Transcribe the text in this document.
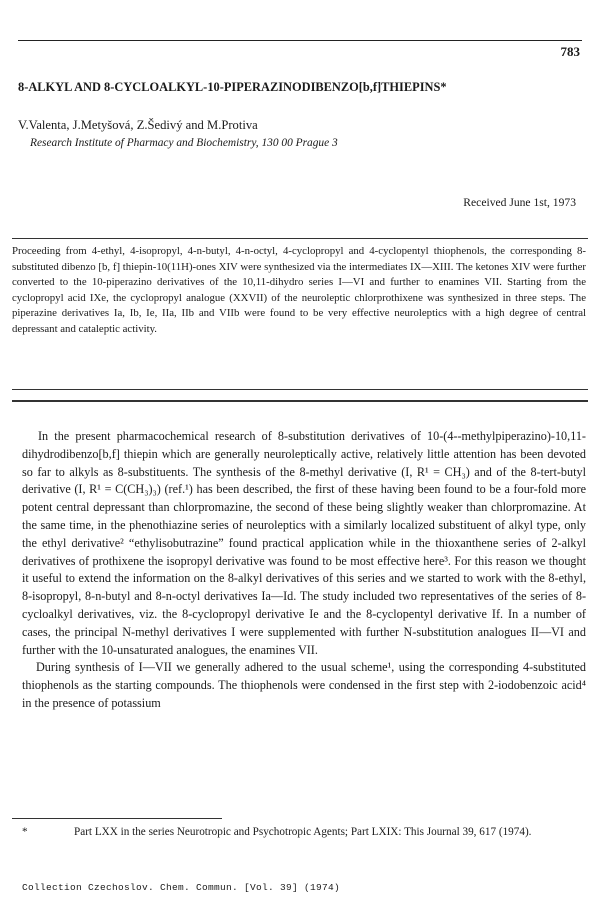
783
8-ALKYL AND 8-CYCLOALKYL-10-PIPERAZINODIBENZO[b,f]THIEPINS*
V.Valenta, J.Metyšová, Z.Šedivý and M.Protiva
Research Institute of Pharmacy and Biochemistry, 130 00 Prague 3
Received June 1st, 1973

Proceeding from 4-ethyl, 4-isopropyl, 4-n-butyl, 4-n-octyl, 4-cyclopropyl and 4-cyclopentyl thiophenols, the corresponding 8-substituted dibenzo [b, f] thiepin-10(11H)-ones XIV were synthesized via the intermediates IX—XIII. The ketones XIV were further converted to the 10-piperazino derivatives of the 10,11-dihydro series I—VI and further to enamines VII. Starting from the cyclopropyl acid IXe, the cyclopropyl analogue (XXVII) of the neuroleptic chlorprothixene was synthesized in three steps. The piperazine derivatives Ia, Ib, Ie, IIa, IIb and VIIb were found to be very effective neuroleptics with a high degree of central depressant and cataleptic activity.

In the present pharmacochemical research of 8-substitution derivatives of 10-(4--methylpiperazino)-10,11-dihydrodibenzo[b,f] thiepin which are generally neuroleptically active, relatively little attention has been devoted so far to alkyls as 8-substituents. The synthesis of the 8-methyl derivative (I, R¹ = CH₃) and of the 8-tert-butyl derivative (I, R¹ = C(CH₃)₃) (ref.¹) has been described, the first of these having been found to be a four-fold more potent central depressant than chlorpromazine, the second of these being slightly weaker than chlorpromazine. At the same time, in the phenothiazine series of neuroleptics with a similarly localized substituent of alkyl type, only the ethyl derivative² “ethylisobutrazine” found practical application while in the thioxanthene series of 2-alkyl derivatives of prothixene the isopropyl derivative was found to be most effective here³. For this reason we thought it useful to extend the information on the 8-alkyl derivatives of this series and we started to work with the 8-ethyl, 8-isopropyl, 8-n-butyl and 8-n-octyl derivatives Ia—Id. The study included two representatives of the series of 8-cycloalkyl derivatives, viz. the 8-cyclopropyl derivative Ie and the 8-cyclopentyl derivative If. In a number of cases, the principal N-methyl derivatives I were supplemented with further N-substitution analogues II—VI and further with the 10-unsaturated analogues, the enamines VII.

During synthesis of I—VII we generally adhered to the usual scheme¹, using the corresponding 4-substituted thiophenols as the starting compounds. The thiophenols were condensed in the first step with 2-iodobenzoic acid⁴ in the presence of potassium

*	Part LXX in the series Neurotropic and Psychotropic Agents; Part LXIX: This Journal 39, 617 (1974).
Collection Czechoslov. Chem. Commun. [Vol. 39] (1974)
